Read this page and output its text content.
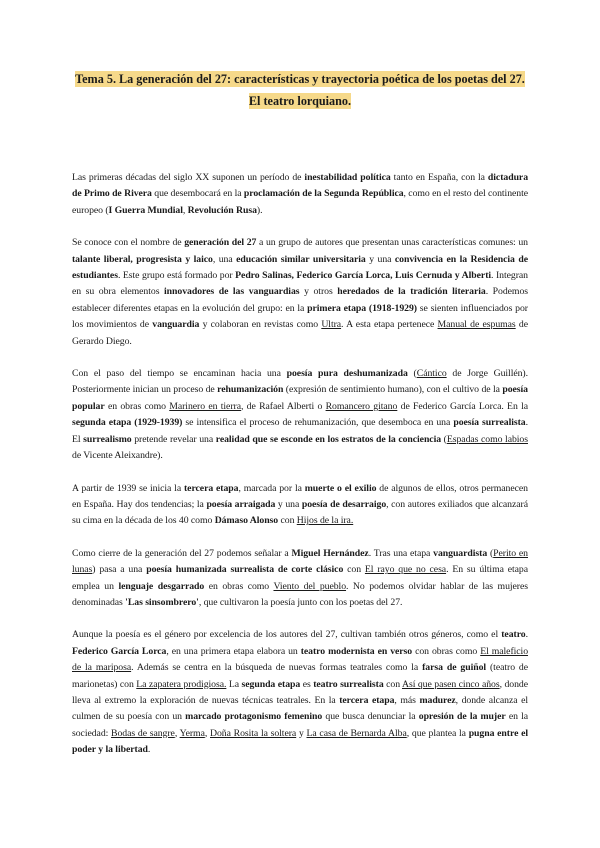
Tema 5. La generación del 27: características y trayectoria poética de los poetas del 27. El teatro lorquiano.

Las primeras décadas del siglo XX suponen un período de inestabilidad política tanto en España, con la dictadura de Primo de Rivera que desembocará en la proclamación de la Segunda República, como en el resto del continente europeo (I Guerra Mundial, Revolución Rusa).

Se conoce con el nombre de generación del 27 a un grupo de autores que presentan unas características comunes: un talante liberal, progresista y laico, una educación similar universitaria y una convivencia en la Residencia de estudiantes. Este grupo está formado por Pedro Salinas, Federico García Lorca, Luis Cernuda y Alberti. Integran en su obra elementos innovadores de las vanguardias y otros heredados de la tradición literaria. Podemos establecer diferentes etapas en la evolución del grupo: en la primera etapa (1918-1929) se sienten influenciados por los movimientos de vanguardia y colaboran en revistas como Ultra. A esta etapa pertenece Manual de espumas de Gerardo Diego.

Con el paso del tiempo se encaminan hacia una poesía pura deshumanizada (Cántico de Jorge Guillén). Posteriormente inician un proceso de rehumanización (expresión de sentimiento humano), con el cultivo de la poesía popular en obras como Marinero en tierra, de Rafael Alberti o Romancero gitano de Federico García Lorca. En la segunda etapa (1929-1939) se intensifica el proceso de rehumanización, que desemboca en una poesía surrealista. El surrealismo pretende revelar una realidad que se esconde en los estratos de la conciencia (Espadas como labios de Vicente Aleixandre).

A partir de 1939 se inicia la tercera etapa, marcada por la muerte o el exilio de algunos de ellos, otros permanecen en España. Hay dos tendencias; la poesía arraigada y una poesía de desarraigo, con autores exiliados que alcanzará su cima en la década de los 40 como Dámaso Alonso con Hijos de la ira.

Como cierre de la generación del 27 podemos señalar a Miguel Hernández. Tras una etapa vanguardista (Perito en lunas) pasa a una poesía humanizada surrealista de corte clásico con El rayo que no cesa. En su última etapa emplea un lenguaje desgarrado en obras como Viento del pueblo. No podemos olvidar hablar de las mujeres denominadas 'Las sinsombrero', que cultivaron la poesía junto con los poetas del 27.

Aunque la poesía es el género por excelencia de los autores del 27, cultivan también otros géneros, como el teatro. Federico García Lorca, en una primera etapa elabora un teatro modernista en verso con obras como El maleficio de la mariposa. Además se centra en la búsqueda de nuevas formas teatrales como la farsa de guiñol (teatro de marionetas) con La zapatera prodigiosa. La segunda etapa es teatro surrealista con Así que pasen cinco años, donde lleva al extremo la exploración de nuevas técnicas teatrales. En la tercera etapa, más madurez, donde alcanza el culmen de su poesía con un marcado protagonismo femenino que busca denunciar la opresión de la mujer en la sociedad: Bodas de sangre, Yerma, Doña Rosita la soltera y La casa de Bernarda Alba, que plantea la pugna entre el poder y la libertad.
